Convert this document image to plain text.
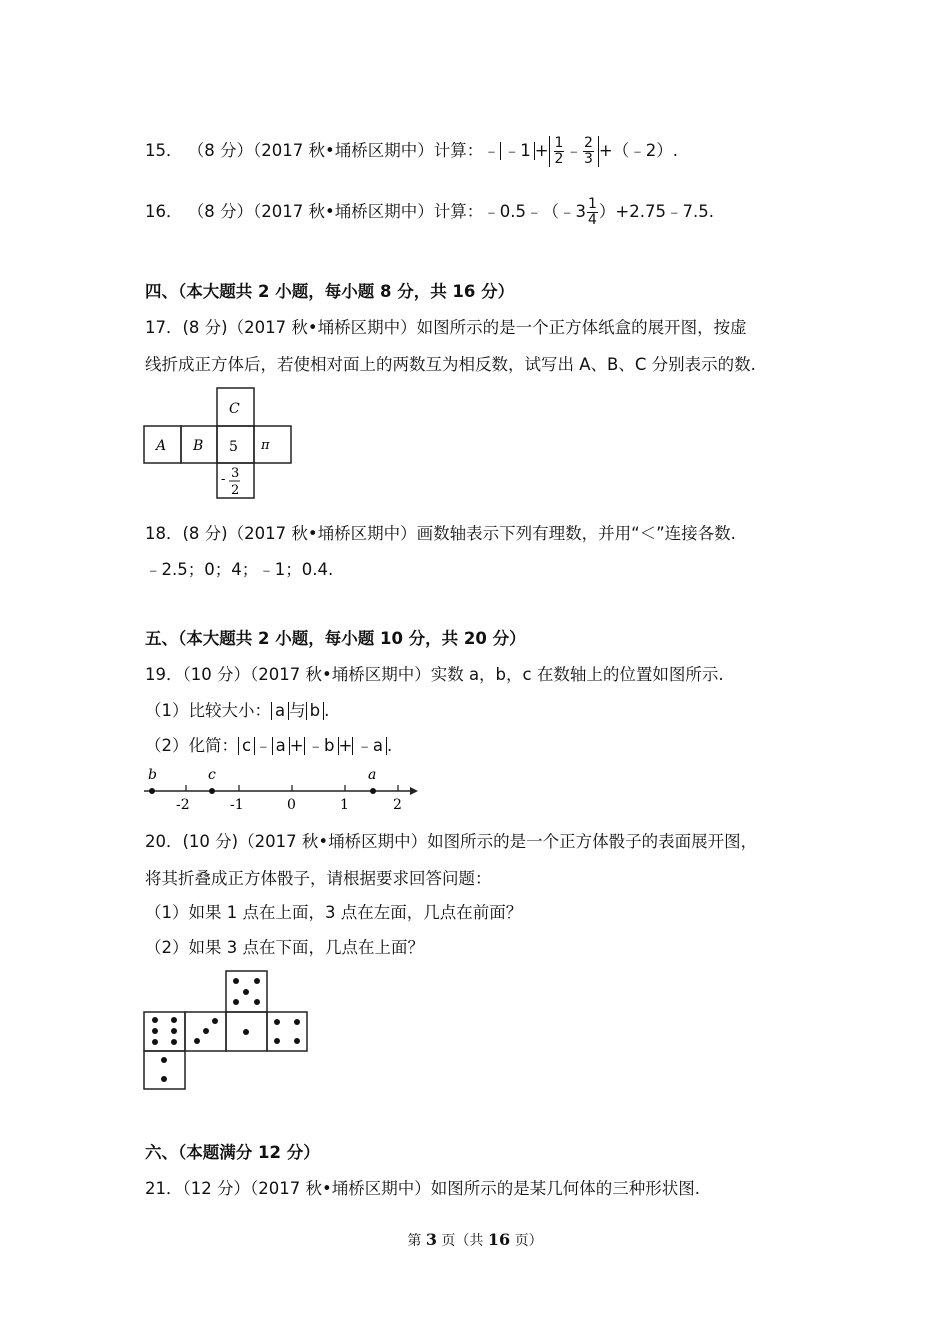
15． （8 分）（2017 秋•埇桥区期中）计算：﹣ ﹣1 + $\frac{1}{2}$ ﹣ $\frac{2}{3}$ +（﹣2）.
16． （8 分）（2017 秋•埇桥区期中）计算：﹣0.5﹣（﹣3 $\frac{1}{4}$ ）+2.75﹣7.5.
四、（本大题共 2 小题，每小题 8 分，共 16 分）
17．(8 分)（2017 秋•埇桥区期中）如图所示的是一个正方体纸盒的展开图，按虚
线折成正方体后，若使相对面上的两数互为相反数，试写出 A、B、C 分别表示的数.
C
A B 5 π
- 3
2
18．(8 分)（2017 秋•埇桥区期中）画数轴表示下列有理数，并用“＜”连接各数.
﹣2.5；0；4；﹣1；0.4.
五、（本大题共 2 小题，每小题 10 分，共 20 分）
19．（10 分）（2017 秋•埇桥区期中）实数 a，b，c 在数轴上的位置如图所示.
（1）比较大小： a 与 b .
（2）化简： c ﹣ a + ﹣b + ﹣a .
b	c	a
-2	-1	0	1	2
20．(10 分)（2017 秋•埇桥区期中）如图所示的是一个正方体骰子的表面展开图，
将其折叠成正方体骰子，请根据要求回答问题：
（1）如果 1 点在上面，3 点在左面，几点在前面？
（2）如果 3 点在下面，几点在上面？
六、（本题满分 12 分）
21．（12 分）（2017 秋•埇桥区期中）如图所示的是某几何体的三种形状图.
第 3 页（共 16 页）
